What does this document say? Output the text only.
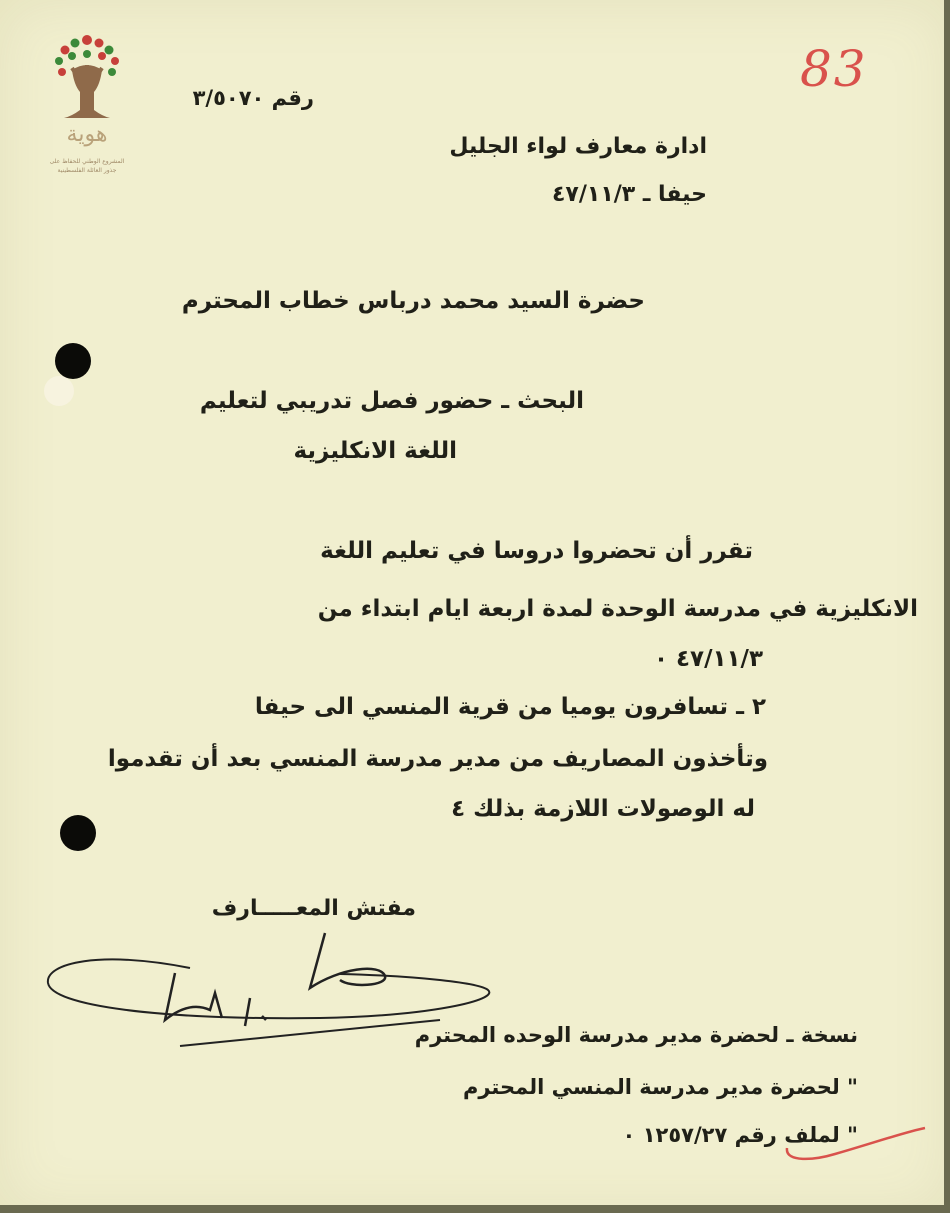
هوية
المشروع الوطني للحفاظ على
جذور العائلة الفلسطينية
83
رقم ٣/٥٠٧٠
ادارة معارف لواء الجليل
حيفا ـ ٤٧/١١/٣
حضرة السيد محمد درباس خطاب المحترم
البحث ـ حضور فصل تدريبي لتعليم
اللغة الانكليزية
تقرر أن تحضروا دروسا في تعليم اللغة
الانكليزية في مدرسة الوحدة لمدة اربعة ايام ابتداء من
٤٧/١١/٣ ٠
٢ ـ تسافرون يوميا من قرية المنسي الى حيفا
وتأخذون المصاريف من مدير مدرسة المنسي بعد أن تقدموا
له الوصولات اللازمة بذلك ٤
مفتش المعـــــارف
نسخة ـ لحضرة مدير مدرسة الوحده المحترم
" لحضرة مدير مدرسة المنسي المحترم
" لملف رقم ١٢٥٧/٢٧ ٠
